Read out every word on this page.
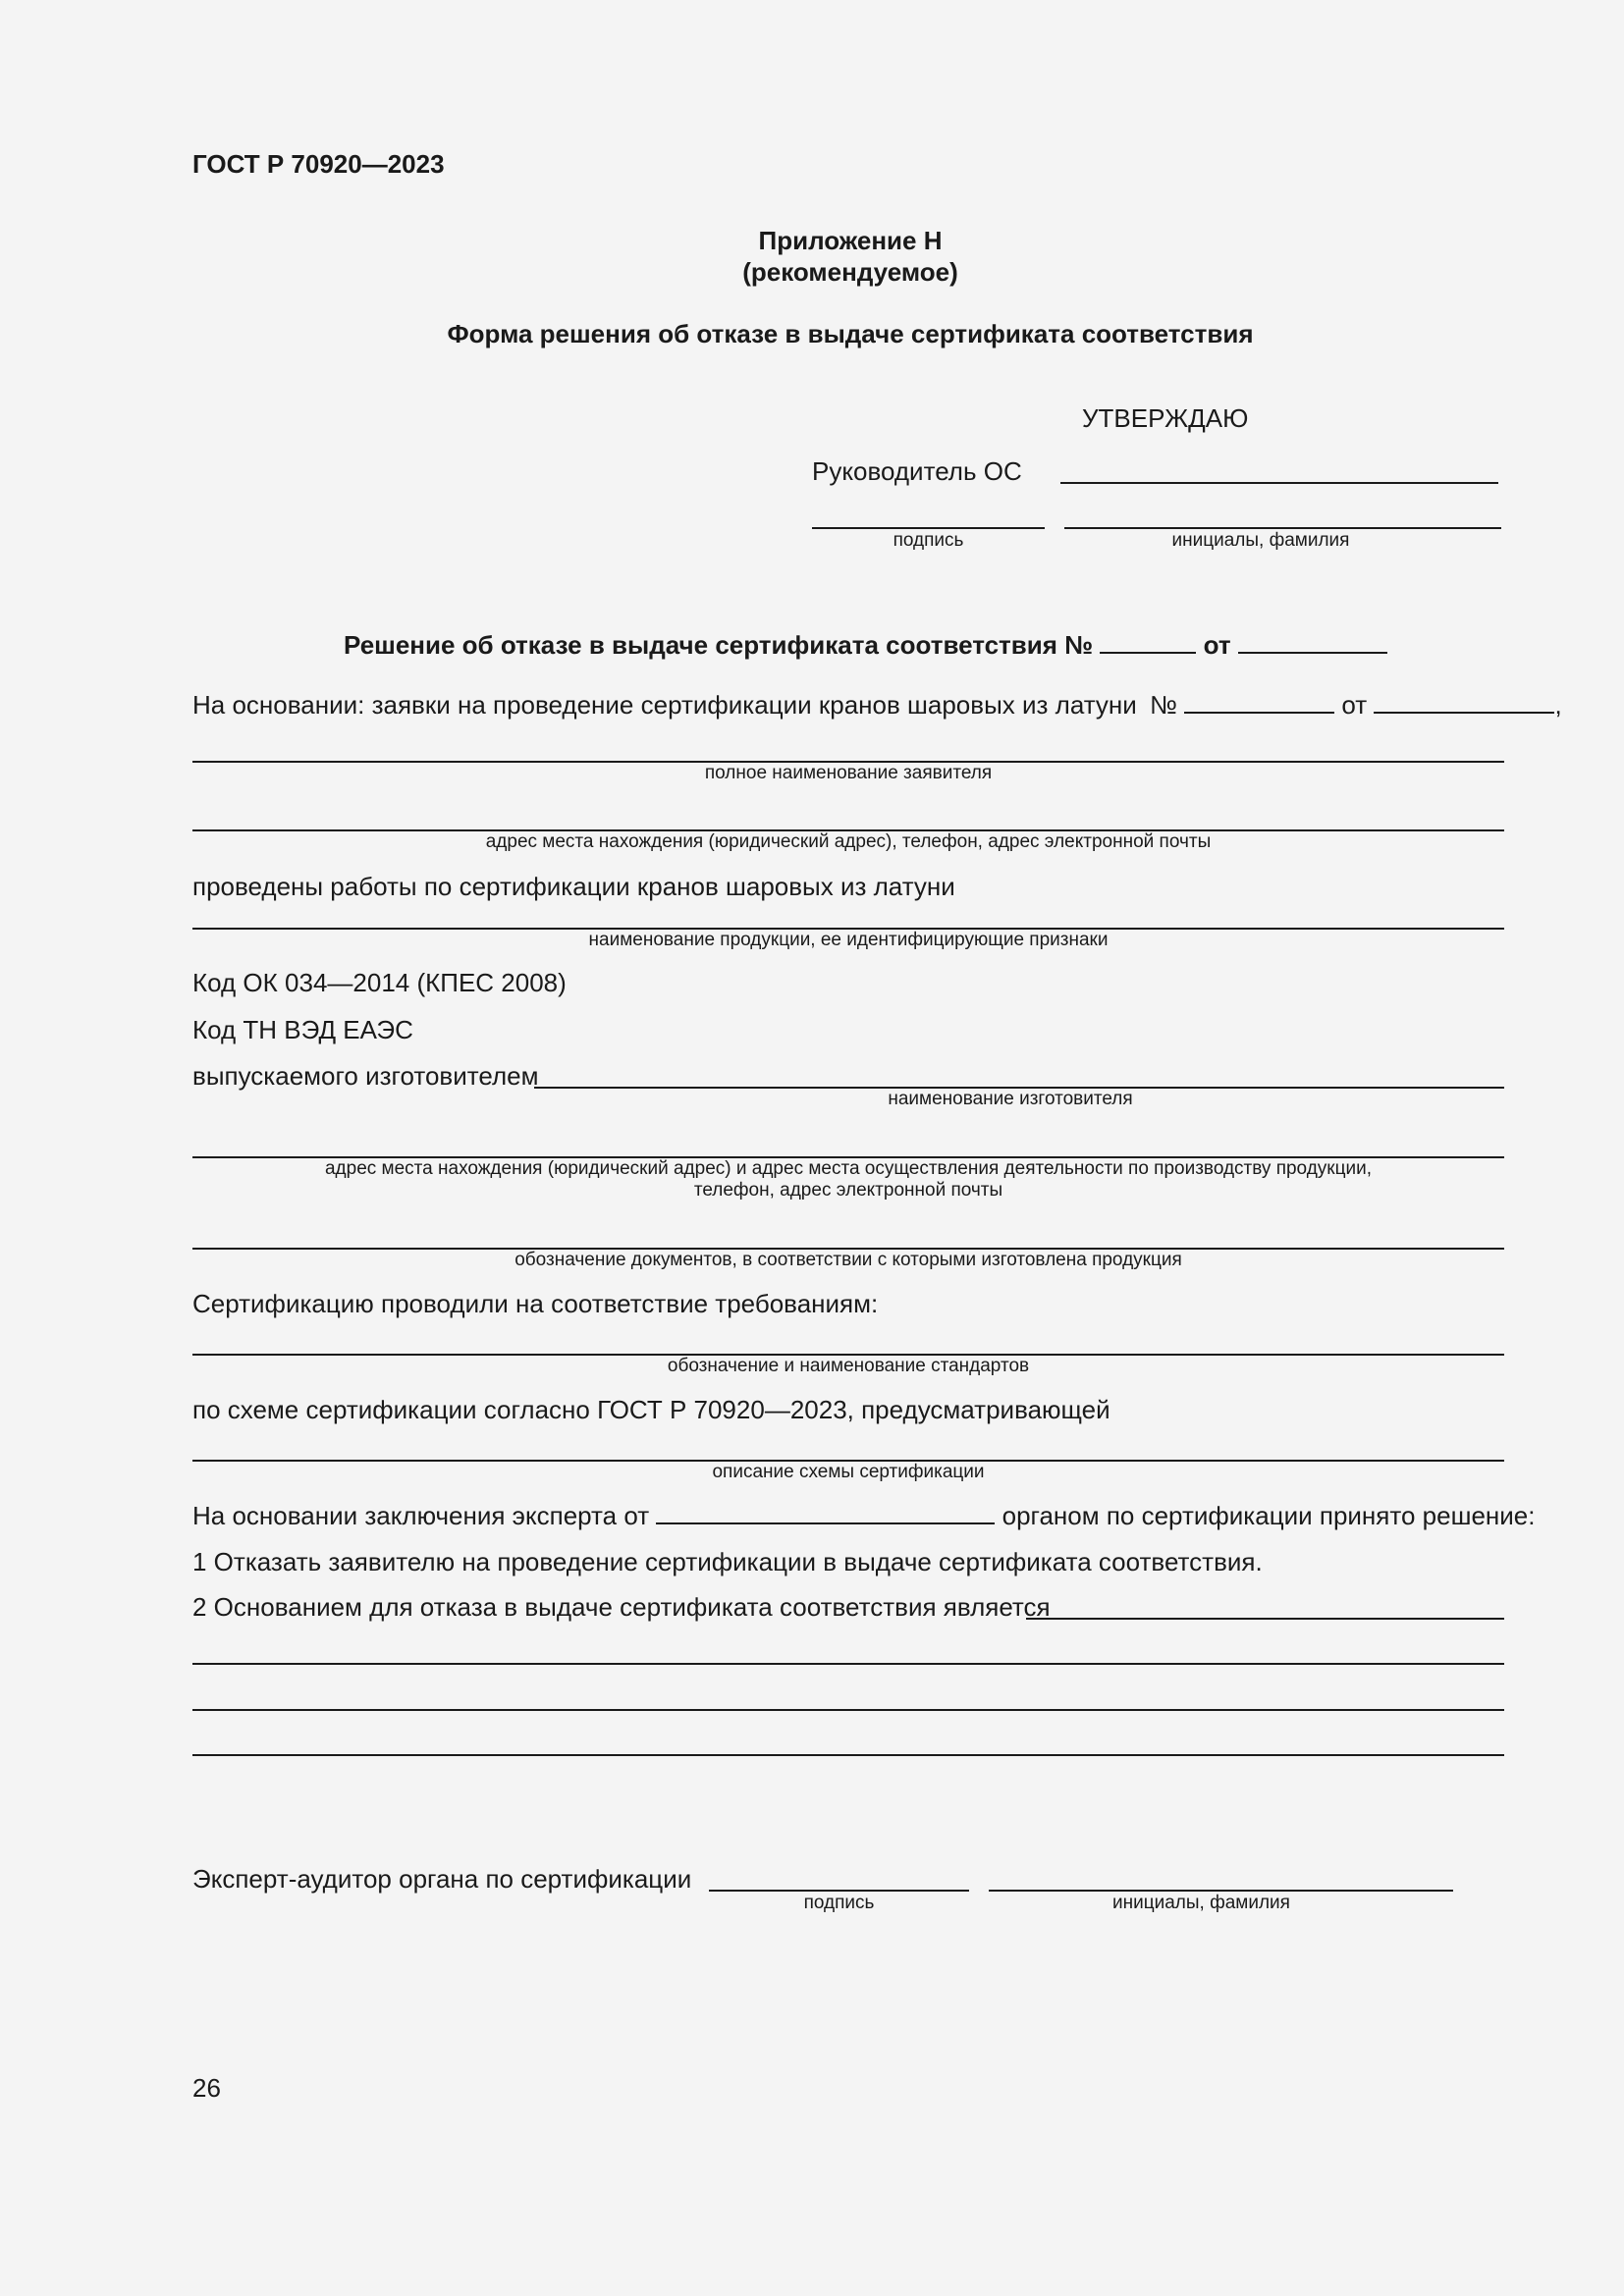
ГОСТ Р 70920—2023
Приложение Н
(рекомендуемое)
Форма решения об отказе в выдаче сертификата соответствия
УТВЕРЖДАЮ
Руководитель ОС
подпись	инициалы, фамилия
Решение об отказе в выдаче сертификата соответствия №	от
На основании: заявки на проведение сертификации кранов шаровых из латуни №	от	,
полное наименование заявителя
адрес места нахождения (юридический адрес), телефон, адрес электронной почты
проведены работы по сертификации кранов шаровых из латуни
наименование продукции, ее идентифицирующие признаки
Код ОК 034—2014 (КПЕС 2008)
Код ТН ВЭД ЕАЭС
выпускаемого изготовителем
наименование изготовителя
адрес места нахождения (юридический адрес) и адрес места осуществления деятельности по производству продукции,
телефон, адрес электронной почты
обозначение документов, в соответствии с которыми изготовлена продукция
Сертификацию проводили на соответствие требованиям:
обозначение и наименование стандартов
по схеме сертификации согласно ГОСТ Р 70920—2023, предусматривающей
описание схемы сертификации
На основании заключения эксперта от	органом по сертификации принято решение:
1 Отказать заявителю на проведение сертификации в выдаче сертификата соответствия.
2 Основанием для отказа в выдаче сертификата соответствия является
Эксперт-аудитор органа по сертификации
подпись	инициалы, фамилия
26
